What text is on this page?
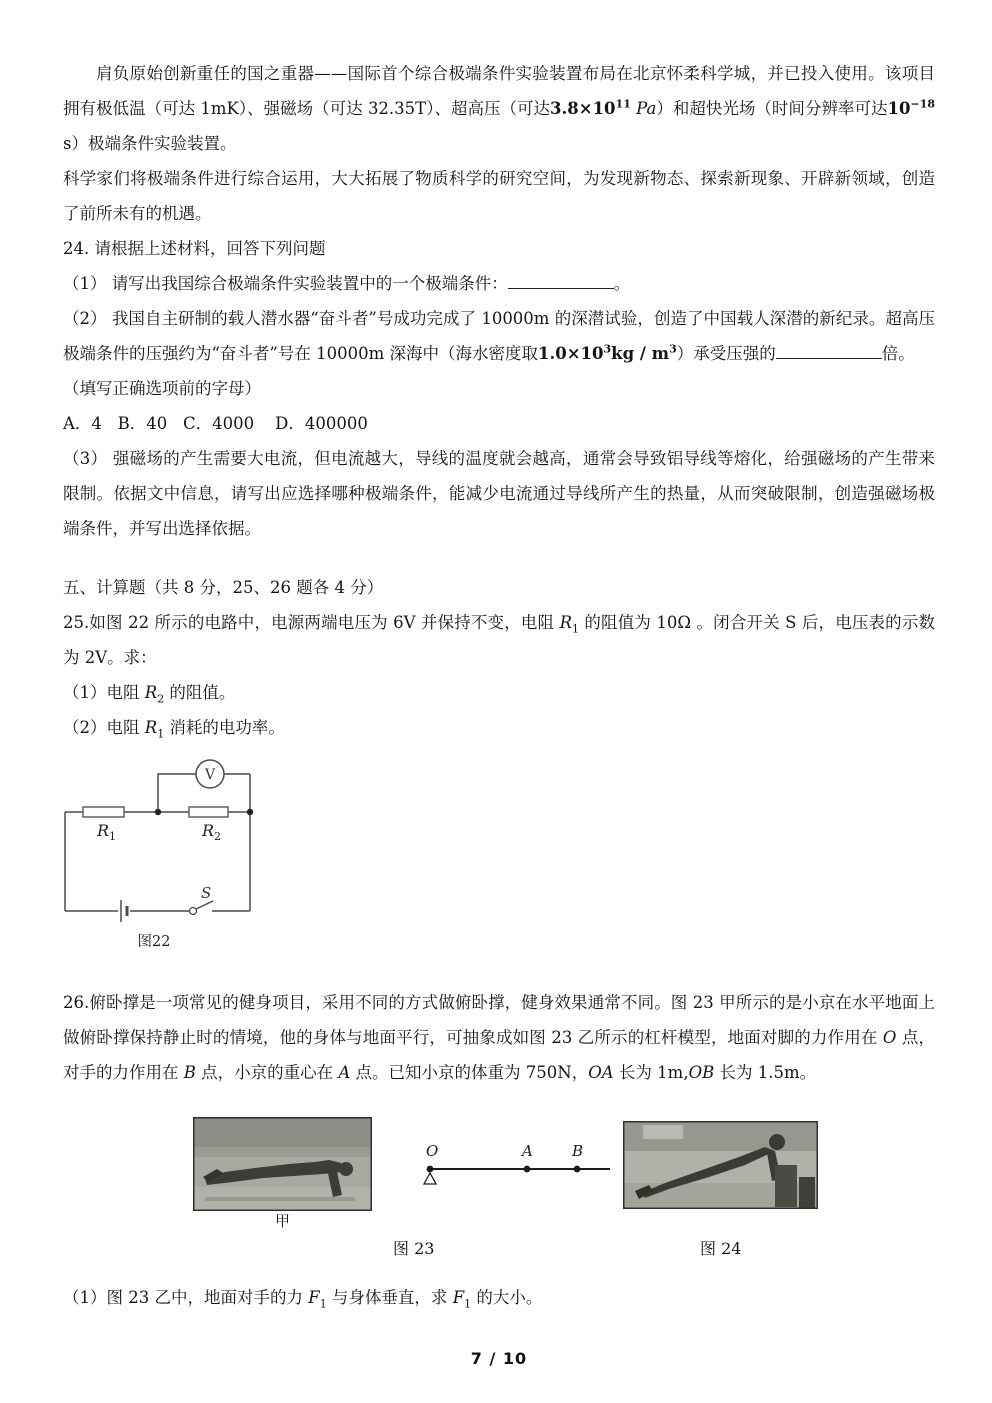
肩负原始创新重任的国之重器——国际首个综合极端条件实验装置布局在北京怀柔科学城，并已投入使用。该项目拥有极低温（可达 1mK）、强磁场（可达 32.35T）、超高压（可达$3.8\times 10^{11}$ Pa）和超快光场（时间分辨率可达$10^{-18}$ s）极端条件实验装置。

科学家们将极端条件进行综合运用，大大拓展了物质科学的研究空间，为发现新物态、探索新现象、开辟新领域，创造了前所未有的机遇。

24. 请根据上述材料，回答下列问题

（1） 请写出我国综合极端条件实验装置中的一个极端条件：	。

（2） 我国自主研制的载人潜水器“奋斗者”号成功完成了 10000m 的深潜试验，创造了中国载人深潜的新纪录。超高压极端条件的压强约为“奋斗者”号在 10000m 深海中（海水密度取$1.0\times 10^3kg / m^3$）承受压强的	倍。

（填写正确选项前的字母）

A．4   B．40   C．4000    D．400000

（3） 强磁场的产生需要大电流，但电流越大，导线的温度就会越高，通常会导致铝导线等熔化，给强磁场的产生带来限制。依据文中信息，请写出应选择哪种极端条件，能减少电流通过导线所产生的热量，从而突破限制，创造强磁场极端条件，并写出选择依据。

五、计算题（共 8 分，25、26 题各 4 分）

25.如图 22 所示的电路中，电源两端电压为 6V 并保持不变，电阻 $R_1$ 的阻值为 10Ω 。闭合开关 S 后，电压表的示数为 2V。求：

（1）电阻 $R_2$ 的阻值。

（2）电阻 $R_1$ 消耗的电功率。

V
S
$R_1$	$R_2$
图22

26.俯卧撑是一项常见的健身项目，采用不同的方式做俯卧撑，健身效果通常不同。图 23 甲所示的是小京在水平地面上做俯卧撑保持静止时的情境，他的身体与地面平行，可抽象成如图 23 乙所示的杠杆模型，地面对脚的力作用在 O 点，对手的力作用在 B 点，小京的重心在 A 点。已知小京的体重为 750N，OA 长为 1m,OB 长为 1.5m。

O	A	B
甲
图 23	图 24

（1）图 23 乙中，地面对手的力 $F_1$ 与身体垂直，求 $F_1$ 的大小。

7 / 10
